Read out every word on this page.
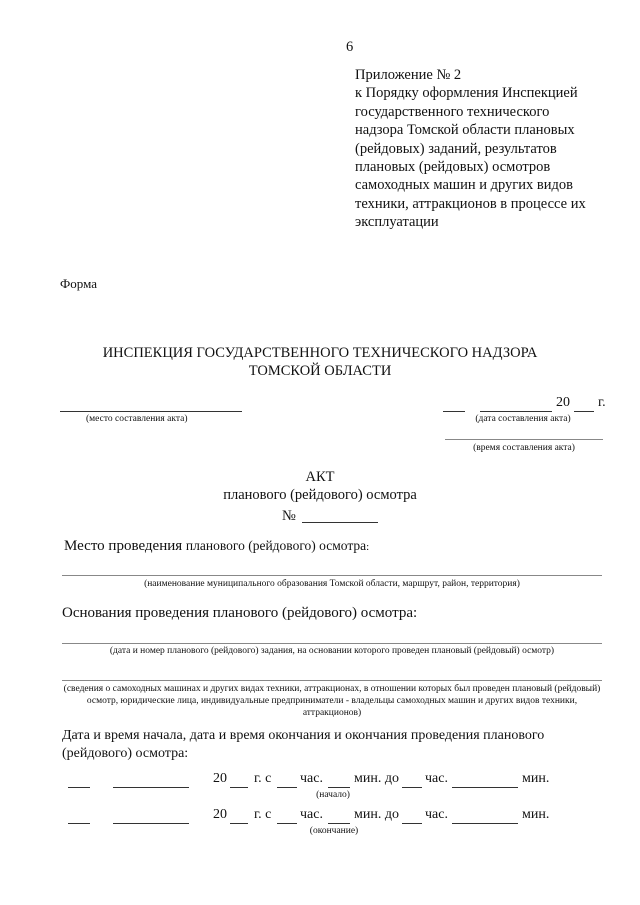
6
Приложение № 2
к Порядку оформления Инспекцией
государственного технического
надзора Томской области плановых
(рейдовых) заданий, результатов
плановых (рейдовых) осмотров
самоходных машин и других видов
техники, аттракционов в процессе их
эксплуатации
Форма
ИНСПЕКЦИЯ ГОСУДАРСТВЕННОГО ТЕХНИЧЕСКОГО НАДЗОРА
ТОМСКОЙ ОБЛАСТИ
(место составления акта)
20 г.
(дата составления акта)
(время составления акта)
АКТ
планового (рейдового) осмотра
№
Место проведения планового (рейдового) осмотра:
(наименование муниципального образования Томской области, маршрут, район, территория)
Основания проведения планового (рейдового) осмотра:
(дата и номер планового (рейдового) задания, на основании которого проведен плановый (рейдовый) осмотр)
(сведения о самоходных машинах и других видах техники, аттракционах, в отношении которых был проведен плановый (рейдовый) осмотр, юридические лица, индивидуальные предприниматели - владельцы самоходных машин и других видов техники, аттракционов)
Дата и время начала, дата и время окончания и окончания проведения планового
(рейдового) осмотра:
20 г. с час. мин. до час.	мин.
(начало)
20 г. с час. мин. до час.	мин.
(окончание)
